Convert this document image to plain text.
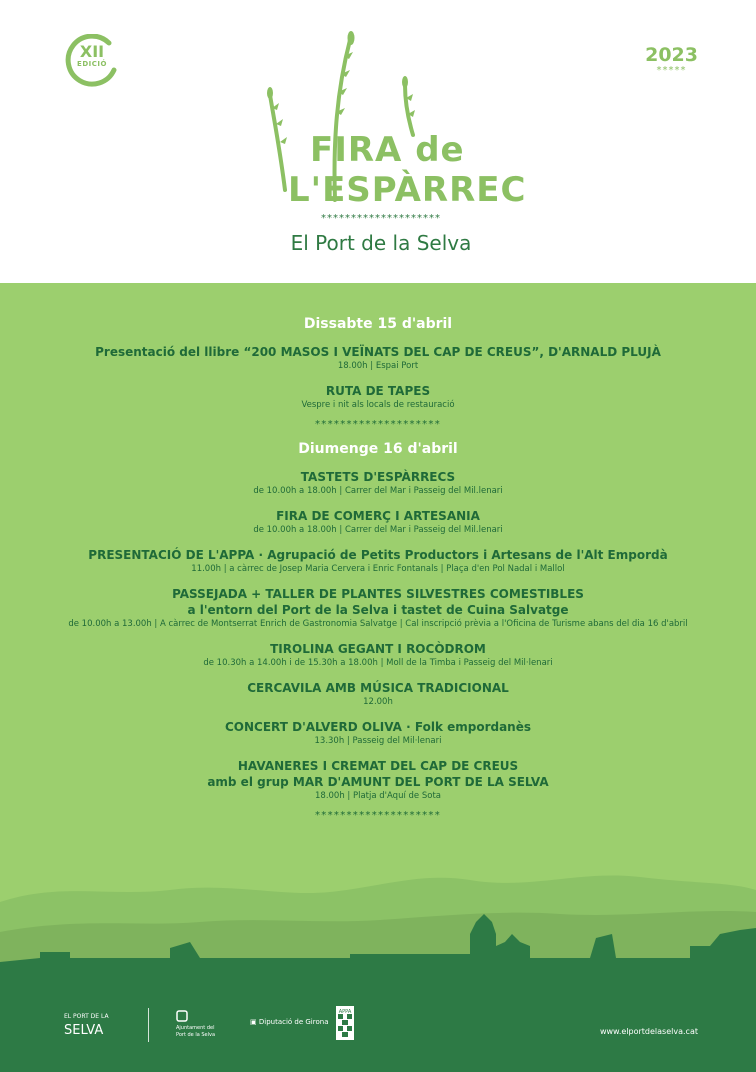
XII
EDICIÓ	2023
*****
FIRA de
L'ESPÀRREC
********************
El Port de la Selva
Dissabte 15 d'abril
Presentació del llibre “200 MASOS I VEÏNATS DEL CAP DE CREUS”, D'ARNALD PLUJÀ
18.00h | Espai Port
RUTA DE TAPES
Vespre i nit als locals de restauració
********************
Diumenge 16 d'abril
TASTETS D'ESPÀRRECS
de 10.00h a 18.00h | Carrer del Mar i Passeig del Mil.lenari
FIRA DE COMERÇ I ARTESANIA
de 10.00h a 18.00h | Carrer del Mar i Passeig del Mil.lenari
PRESENTACIÓ DE L'APPA · Agrupació de Petits Productors i Artesans de l'Alt Empordà
11.00h | a càrrec de Josep Maria Cervera i Enric Fontanals | Plaça d'en Pol Nadal i Mallol
PASSEJADA + TALLER DE PLANTES SILVESTRES COMESTIBLES
a l'entorn del Port de la Selva i tastet de Cuina Salvatge
de 10.00h a 13.00h | A càrrec de Montserrat Enrich de Gastronomia Salvatge | Cal inscripció prèvia a l'Oficina de Turisme abans del dia 16 d'abril
TIROLINA GEGANT I ROCÒDROM
de 10.30h a 14.00h i de 15.30h a 18.00h | Moll de la Timba i Passeig del Mil·lenari
CERCAVILA AMB MÚSICA TRADICIONAL
12.00h
CONCERT D'ALVERD OLIVA · Folk empordanès
13.30h | Passeig del Mil·lenari
HAVANERES I CREMAT DEL CAP DE CREUS
amb el grup MAR D'AMUNT DEL PORT DE LA SELVA
18.00h | Platja d'Aquí de Sota
********************
EL PORT DE LA
SELVA	Ajuntament del
Port de la Selva
▣ Diputació de Girona
APPA
www.elportdelaselva.cat
